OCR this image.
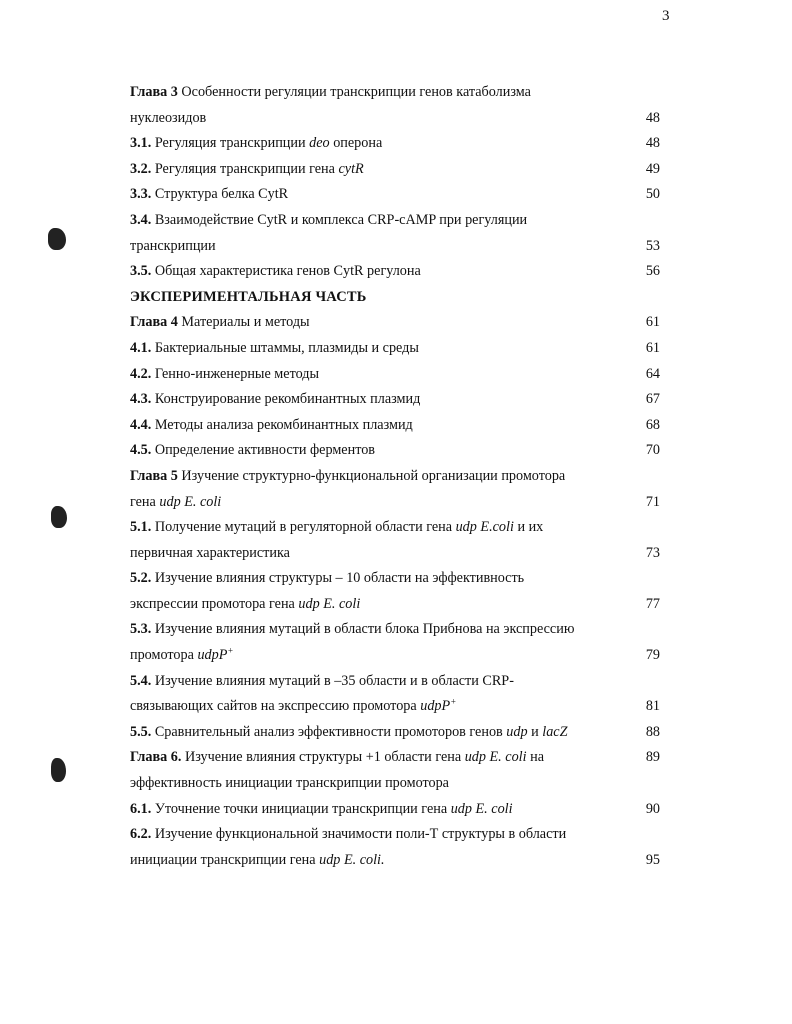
3
Глава 3 Особенности регуляции транскрипции генов катаболизма
нуклеозидов	48
3.1. Регуляция транскрипции deo оперона	48
3.2. Регуляция транскрипции гена cytR	49
3.3. Структура белка CytR	50
3.4. Взаимодействие CytR и комплекса CRP-cAMP при регуляции
транскрипции	53
3.5. Общая характеристика генов CytR регулона	56
ЭКСПЕРИМЕНТАЛЬНАЯ ЧАСТЬ
Глава 4 Материалы и методы	61
4.1. Бактериальные штаммы, плазмиды и среды	61
4.2. Генно-инженерные методы	64
4.3. Конструирование рекомбинантных плазмид	67
4.4. Методы анализа рекомбинантных плазмид	68
4.5. Определение активности ферментов	70
Глава 5 Изучение структурно-функциональной организации промотора
гена udp E. coli	71
5.1. Получение мутаций в регуляторной области гена udp E.coli и их
первичная характеристика	73
5.2. Изучение влияния структуры – 10 области на эффективность
экспрессии промотора гена udp E. coli	77
5.3. Изучение влияния мутаций в области блока Прибнова на экспрессию
промотора udpP+	79
5.4. Изучение влияния мутаций в –35 области и в области CRP-
связывающих сайтов на экспрессию промотора udpP+	81
5.5. Сравнительный анализ эффективности промоторов генов udp и lacZ	88
Глава 6. Изучение влияния структуры +1 области гена udp E. coli на	89
эффективность инициации транскрипции промотора
6.1. Уточнение точки инициации транскрипции гена udp E. coli	90
6.2. Изучение функциональной значимости поли-Т структуры в области
инициации транскрипции гена udp E. coli.	95
